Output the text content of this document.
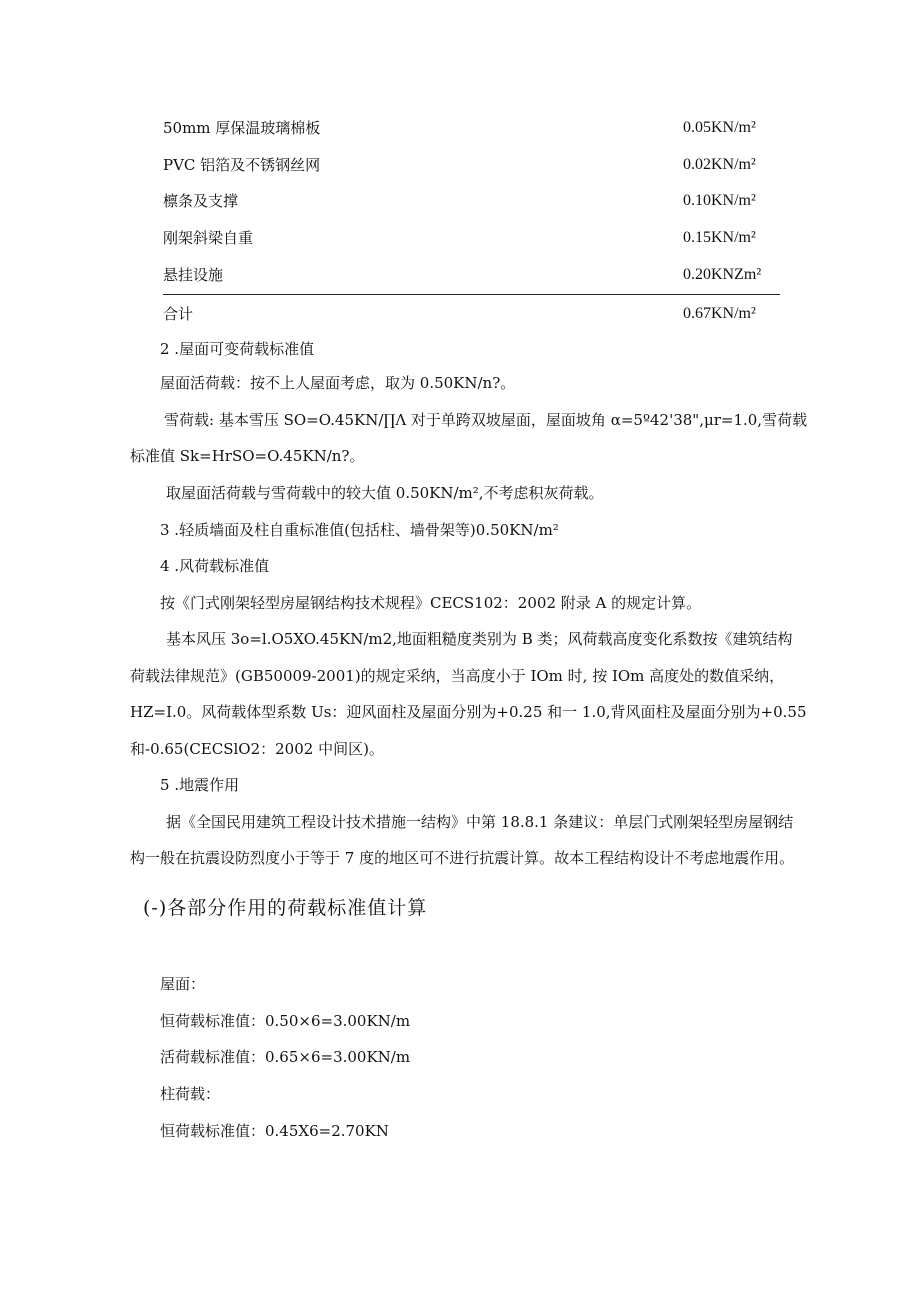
50mm 厚保温玻璃棉板	0.05KN/m²
PVC 铝箔及不锈钢丝网	0.02KN/m²
檩条及支撑	0.10KN/m²
刚架斜梁自重	0.15KN/m²
悬挂设施	0.20KNZm²
合计	0.67KN/m²

2 .屋面可变荷载标准值

屋面活荷载：按不上人屋面考虑，取为 0.50KN/n?。

雪荷载: 基本雪压 SO=O.45KN/∏Λ 对于单跨双坡屋面，屋面坡角 α=5º42'38",μr=1.0,雪荷载

标准值 Sk=HrSO=O.45KN/n?。

取屋面活荷载与雪荷载中的较大值 0.50KN/m²,不考虑积灰荷载。

3 .轻质墙面及柱自重标准值(包括柱、墙骨架等)0.50KN/m²

4 .风荷载标准值

按《门式刚架轻型房屋钢结构技术规程》CECS102：2002 附录 A 的规定计算。

基本风压 3o=l.O5XO.45KN/m2,地面粗糙度类别为 B 类；风荷载高度变化系数按《建筑结构

荷载法律规范》(GB50009-2001)的规定采纳，当高度小于 IOm 时, 按 IOm 高度处的数值采纳，

HZ=I.0。风荷载体型系数 Us：迎风面柱及屋面分别为+0.25 和一 1.0,背风面柱及屋面分别为+0.55

和-0.65(CECSlO2：2002 中间区)。

5 .地震作用

据《全国民用建筑工程设计技术措施一结构》中第 18.8.1 条建议：单层门式刚架轻型房屋钢结

构一般在抗震设防烈度小于等于 7 度的地区可不进行抗震计算。故本工程结构设计不考虑地震作用。

(-)各部分作用的荷载标准值计算

屋面：

恒荷载标准值：0.50×6=3.00KN/m

活荷载标准值：0.65×6=3.00KN/m

柱荷载：

恒荷载标准值：0.45X6=2.70KN
